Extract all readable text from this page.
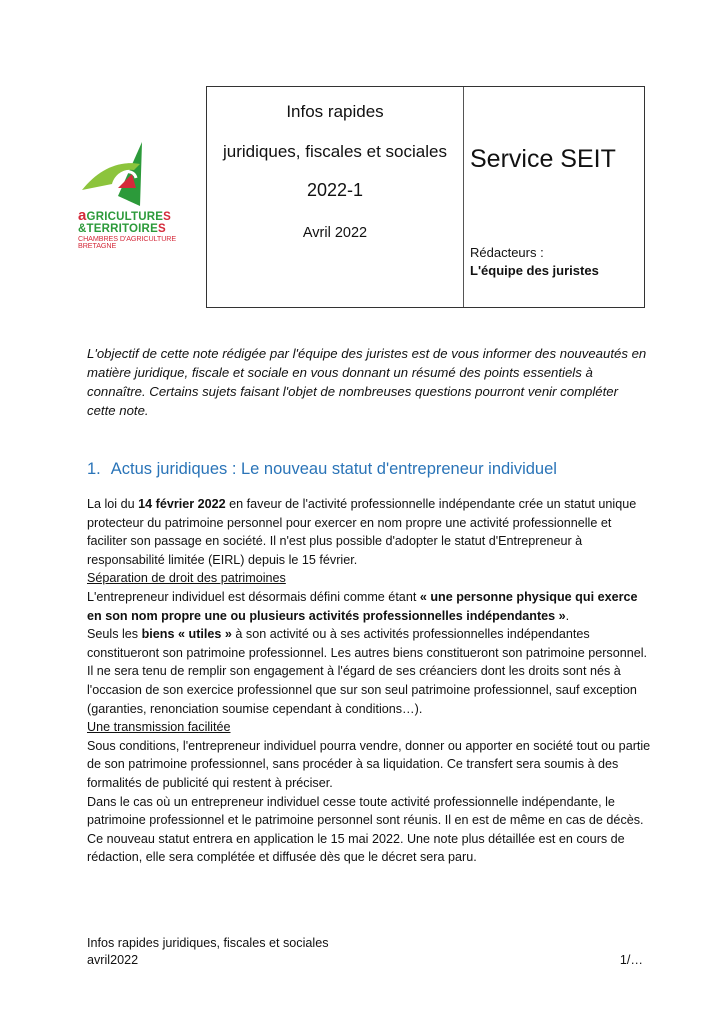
aGRICULTURES
&TERRITOIRES
CHAMBRES D'AGRICULTURE
BRETAGNE
Infos rapides
juridiques, fiscales et sociales
2022-1
Avril 2022
Service SEIT
Rédacteurs :
L'équipe des juristes
L'objectif de cette note rédigée par l'équipe des juristes est de vous informer des nouveautés en matière juridique, fiscale et sociale en vous donnant un résumé des points essentiels à connaître. Certains sujets faisant l'objet de nombreuses questions pourront venir compléter cette note.
1. Actus juridiques : Le nouveau statut d'entrepreneur individuel

La loi du 14 février 2022 en faveur de l'activité professionnelle indépendante crée un statut unique protecteur du patrimoine personnel pour exercer en nom propre une activité professionnelle et faciliter son passage en société. Il n'est plus possible d'adopter le statut d'Entrepreneur à responsabilité limitée (EIRL) depuis le 15 février.

Séparation de droit des patrimoines

L'entrepreneur individuel est désormais défini comme étant « une personne physique qui exerce en son nom propre une ou plusieurs activités professionnelles indépendantes ».

Seuls les biens « utiles » à son activité ou à ses activités professionnelles indépendantes constitueront son patrimoine professionnel. Les autres biens constitueront son patrimoine personnel.

Il ne sera tenu de remplir son engagement à l'égard de ses créanciers dont les droits sont nés à l'occasion de son exercice professionnel que sur son seul patrimoine professionnel, sauf exception (garanties, renonciation soumise cependant à conditions…).

Une transmission facilitée

Sous conditions, l'entrepreneur individuel pourra vendre, donner ou apporter en société tout ou partie de son patrimoine professionnel, sans procéder à sa liquidation. Ce transfert sera soumis à des formalités de publicité qui restent à préciser.

Dans le cas où un entrepreneur individuel cesse toute activité professionnelle indépendante, le patrimoine professionnel et le patrimoine personnel sont réunis. Il en est de même en cas de décès.

Ce nouveau statut entrera en application le 15 mai 2022. Une note plus détaillée est en cours de rédaction, elle sera complétée et diffusée dès que le décret sera paru.

Infos rapides juridiques, fiscales et sociales
avril2022	1/…
